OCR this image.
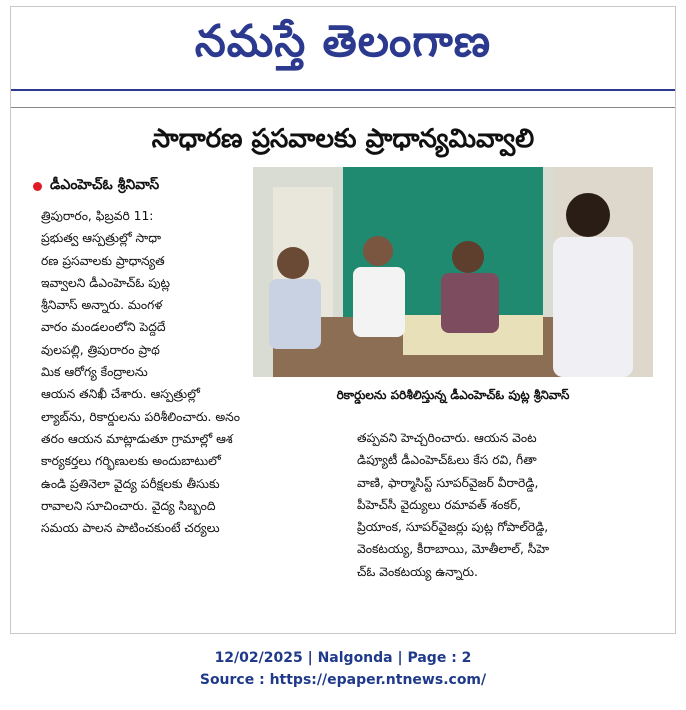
నమస్తే తెలంగాణ
సాధారణ ప్రసవాలకు ప్రాధాన్యమివ్వాలి
డీఎంహెచ్ఓ శ్రీనివాస్

త్రిపురారం, ఫిబ్రవరి 11:

ప్రభుత్వ ఆస్పత్రుల్లో సాధా

రణ ప్రసవాలకు ప్రాధాన్యత

ఇవ్వాలని డీఎంహెచ్ఓ పుట్ల

శ్రీనివాస్ అన్నారు. మంగళ

వారం మండలంలోని పెద్దదే

వులపల్లి, త్రిపురారం ప్రాథ

మిక ఆరోగ్య కేంద్రాలను

ఆయన తనిఖీ చేశారు. ఆస్పత్రుల్లో

ల్యాబ్‌ను, రికార్డులను పరిశీలించారు. అనం

తరం ఆయన మాట్లాడుతూ గ్రామాల్లో ఆశ

కార్యకర్తలు గర్భిణులకు అందుబాటులో

ఉండి ప్రతినెలా వైద్య పరీక్షలకు తీసుకు

రావాలని సూచించారు. వైద్య సిబ్బంది

సమయ పాలన పాటించకుంటే చర్యలు

రికార్డులను పరిశీలిస్తున్న డీఎంహెచ్ఓ పుట్ల శ్రీనివాస్

తప్పవని హెచ్చరించారు. ఆయన వెంట

డిప్యూటీ డీఎంహెచ్ఓలు కేస రవి, గీతా

వాణి, ఫార్మాసిస్ట్ సూపర్‌వైజర్ వీరారెడ్డి,

పీహెచ్‌సీ వైద్యులు రమావత్ శంకర్,

ప్రియాంక, సూపర్‌వైజర్లు పుట్ల గోపాల్‌రెడ్డి,

వెంకటయ్య, కీరాబాయి, మోతీలాల్, సీహె

చ్ఓ వెంకటయ్య ఉన్నారు.

12/02/2025 | Nalgonda | Page : 2
Source : https://epaper.ntnews.com/
